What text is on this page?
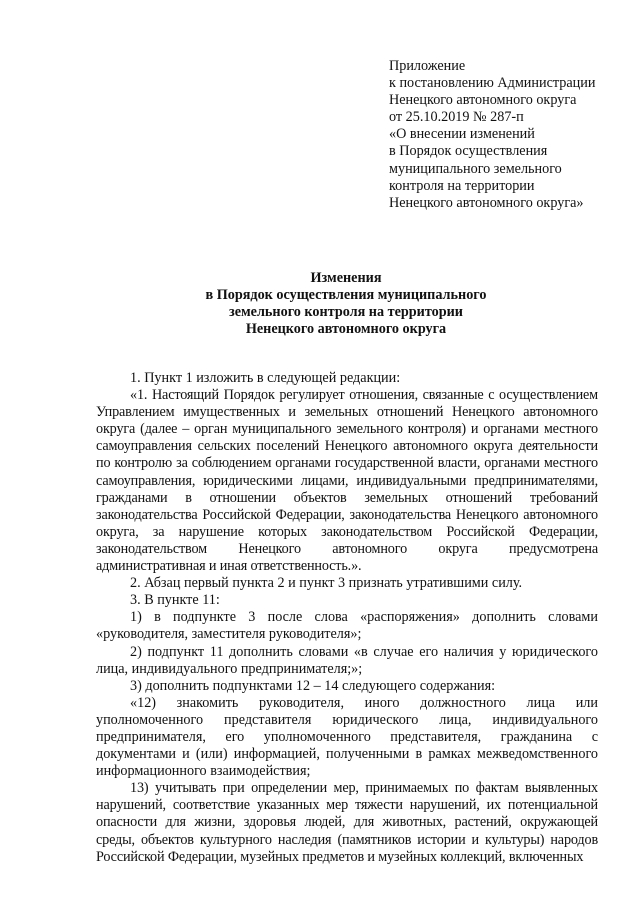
Приложение
к постановлению Администрации
Ненецкого автономного округа
от 25.10.2019 № 287-п
«О внесении изменений
в Порядок осуществления
муниципального земельного
контроля на территории
Ненецкого автономного округа»
Изменения
в Порядок осуществления муниципального
земельного контроля на территории
Ненецкого автономного округа

1. Пункт 1 изложить в следующей редакции:

«1. Настоящий Порядок регулирует отношения, связанные с осуществлением Управлением имущественных и земельных отношений Ненецкого автономного округа (далее – орган муниципального земельного контроля) и органами местного самоуправления сельских поселений Ненецкого автономного округа деятельности по контролю за соблюдением органами государственной власти, органами местного самоуправления, юридическими лицами, индивидуальными предпринимателями, гражданами в отношении объектов земельных отношений требований законодательства Российской Федерации, законодательства Ненецкого автономного округа, за нарушение которых законодательством Российской Федерации, законодательством Ненецкого автономного округа предусмотрена административная и иная ответственность.».

2. Абзац первый пункта 2 и пункт 3 признать утратившими силу.

3. В пункте 11:

1) в подпункте 3 после слова «распоряжения» дополнить словами «руководителя, заместителя руководителя»;

2) подпункт 11 дополнить словами «в случае его наличия у юридического лица, индивидуального предпринимателя;»;

3) дополнить подпунктами 12 – 14 следующего содержания:

«12) знакомить руководителя, иного должностного лица или уполномоченного представителя юридического лица, индивидуального предпринимателя, его уполномоченного представителя, гражданина с документами и (или) информацией, полученными в рамках межведомственного информационного взаимодействия;

13) учитывать при определении мер, принимаемых по фактам выявленных нарушений, соответствие указанных мер тяжести нарушений, их потенциальной опасности для жизни, здоровья людей, для животных, растений, окружающей среды, объектов культурного наследия (памятников истории и культуры) народов Российской Федерации, музейных предметов и музейных коллекций, включенных
